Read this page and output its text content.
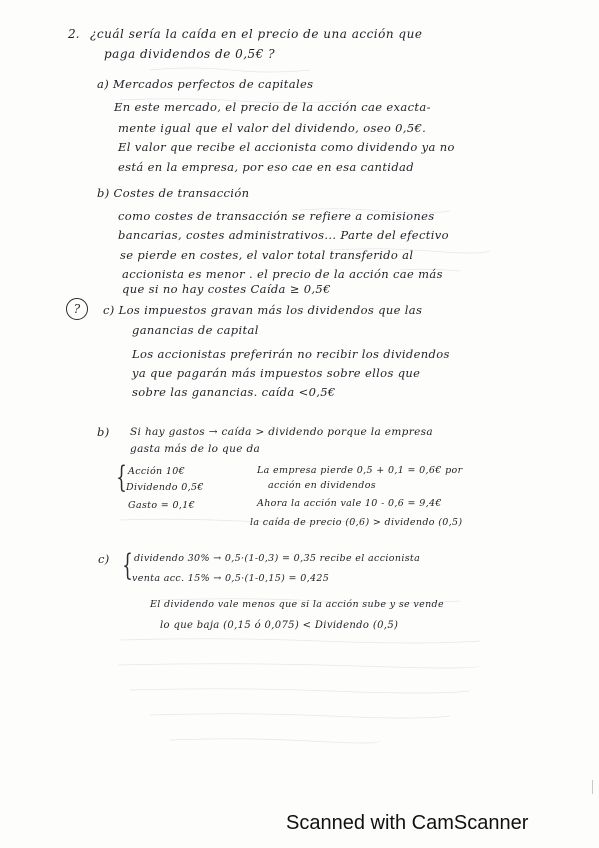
2. ¿cuál sería la caída en el precio de una acción que
paga dividendos de 0,5€ ?
a) Mercados perfectos de capitales
En este mercado, el precio de la acción cae exacta-
mente igual que el valor del dividendo, oseo 0,5€.
El valor que recibe el accionista como dividendo ya no
está en la empresa, por eso cae en esa cantidad
b) Costes de transacción
como costes de transacción se refiere a comisiones
bancarias, costes administrativos... Parte del efectivo
se pierde en costes, el valor total transferido al
accionista es menor . el precio de la acción cae más
que si no hay costes Caída ≥ 0,5€
?	c) Los impuestos gravan más los dividendos que las
ganancias de capital
Los accionistas preferirán no recibir los dividendos
ya que pagarán más impuestos sobre ellos que
sobre las ganancias. caída <0,5€
b) Si hay gastos → caída > dividendo porque la empresa
gasta más de lo que da
{ Acción 10€
Dividendo 0,5€
Gasto = 0,1€
La empresa pierde 0,5 + 0,1 = 0,6€ por
acción en dividendos
Ahora la acción vale 10 - 0,6 = 9,4€
la caída de precio (0,6) > dividendo (0,5)
c) { dividendo 30% → 0,5·(1-0,3) = 0,35 recibe el accionista
venta acc. 15% → 0,5·(1-0,15) = 0,425
El dividendo vale menos que si la acción sube y se vende
lo que baja (0,15 ó 0,075) < Dividendo (0,5)
Scanned with CamScanner
